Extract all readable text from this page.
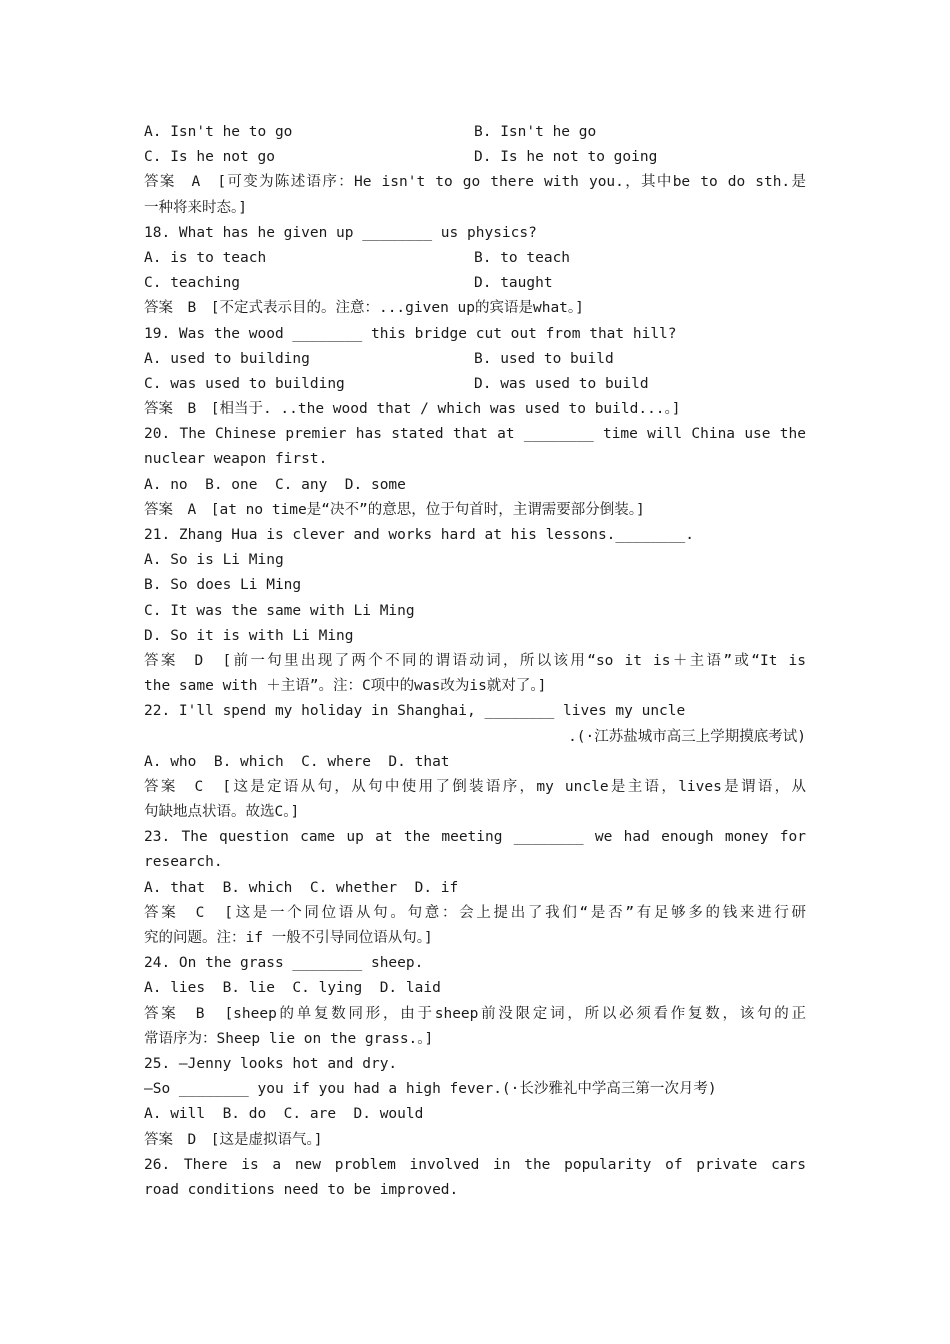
A. Isn't he to go	B. Isn't he go
C. Is he not go	D. Is he not to going
答案　A　[可变为陈述语序：He isn't to go there with you.，其中be to do sth.是
一种将来时态。]
18. What has he given up ________ us physics?
A. is to teach	B. to teach
C. teaching	D. taught
答案　B　[不定式表示目的。注意：...given up的宾语是what。]
19. Was the wood ________ this bridge cut out from that hill?
A. used to building	B. used to build
C. was used to building	D. was used to build
答案　B　[相当于. ..the wood that / which was used to build...。]
20. The Chinese premier has stated that at ________ time will China use the
nuclear weapon first.
A. no  B. one  C. any  D. some
答案　A　[at no time是“决不”的意思，位于句首时，主谓需要部分倒装。]
21. Zhang Hua is clever and works hard at his lessons.________.
A. So is Li Ming
B. So does Li Ming
C. It was the same with Li Ming
D. So it is with Li Ming
答案　D　[前一句里出现了两个不同的谓语动词，所以该用“so it is＋主语”或“It is
the same with ＋主语”。注：C项中的was改为is就对了。]
22. I'll spend my holiday in Shanghai, ________ lives my uncle
.(·江苏盐城市高三上学期摸底考试)
A. who  B. which  C. where  D. that
答案　C　[这是定语从句，从句中使用了倒装语序，my uncle是主语，lives是谓语，从
句缺地点状语。故选C。]
23. The question came up at the meeting ________ we had enough money for
research.
A. that  B. which  C. whether  D. if
答案　C　[这是一个同位语从句。句意：会上提出了我们“是否”有足够多的钱来进行研
究的问题。注：if 一般不引导同位语从句。]
24. On the grass ________ sheep.
A. lies  B. lie  C. lying  D. laid
答案　B　[sheep的单复数同形，由于sheep前没限定词，所以必须看作复数，该句的正
常语序为：Sheep lie on the grass.。]
25. —Jenny looks hot and dry.
—So ________ you if you had a high fever.(·长沙雅礼中学高三第一次月考)
A. will  B. do  C. are  D. would
答案　D　[这是虚拟语气。]
26. There is a new problem involved in the popularity of private cars
road conditions need to be improved.
